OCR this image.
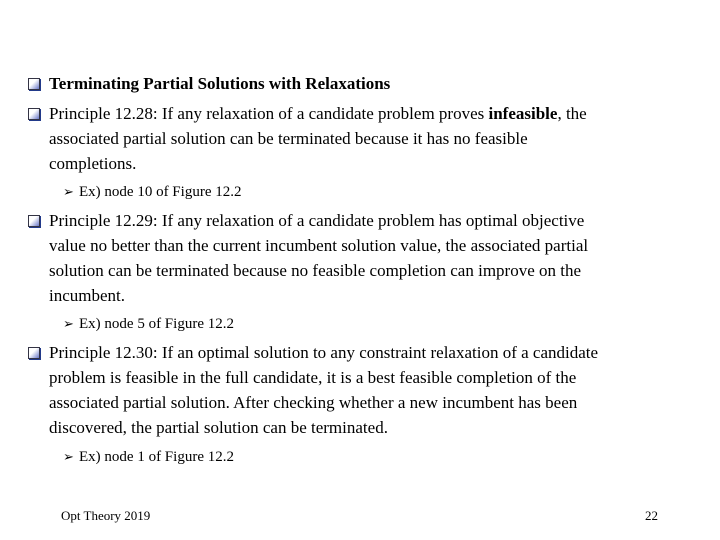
Terminating Partial Solutions with Relaxations
Principle 12.28: If any relaxation of a candidate problem proves infeasible, the
associated partial solution can be terminated because it has no feasible
completions.
➢ Ex) node 10 of Figure 12.2
Principle 12.29: If any relaxation of a candidate problem has optimal objective
value no better than the current incumbent solution value, the associated partial
solution can be terminated because no feasible completion can improve on the
incumbent.
➢ Ex) node 5 of Figure 12.2
Principle 12.30: If an optimal solution to any constraint relaxation of a candidate
problem is feasible in the full candidate, it is a best feasible completion of the
associated partial solution. After checking whether a new incumbent has been
discovered, the partial solution can be terminated.
➢ Ex) node 1 of Figure 12.2
Opt Theory 2019	22
